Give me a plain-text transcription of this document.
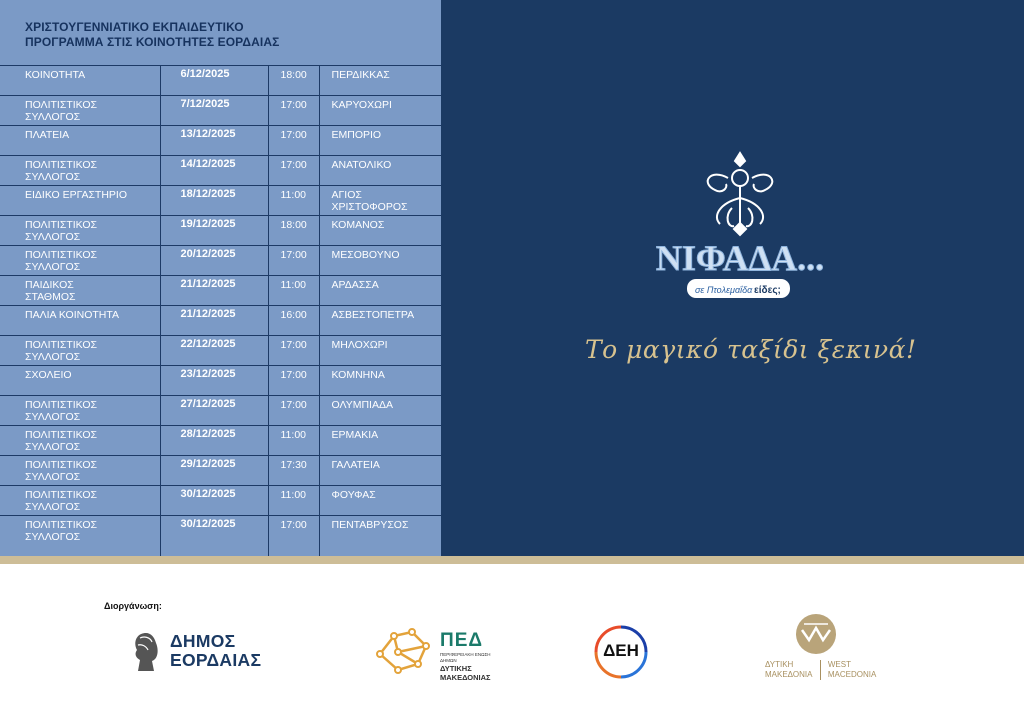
ΧΡΙΣΤΟΥΓΕΝΝΙΑΤΙΚΟ ΕΚΠΑΙΔΕΥΤΙΚΟ
ΠΡΟΓΡΑΜΜΑ ΣΤΙΣ ΚΟΙΝΟΤΗΤΕΣ ΕΟΡΔΑΙΑΣ
ΚΟΙΝΟΤΗΤΑ	6/12/2025	18:00	ΠΕΡΔΙΚΚΑΣ

ΠΟΛΙΤΙΣΤΙΚΟΣ
ΣΥΛΛΟΓΟΣ	7/12/2025	17:00	ΚΑΡΥΟΧΩΡΙ

ΠΛΑΤΕΙΑ	13/12/2025	17:00	ΕΜΠΟΡΙΟ

ΠΟΛΙΤΙΣΤΙΚΟΣ
ΣΥΛΛΟΓΟΣ	14/12/2025	17:00	ΑΝΑΤΟΛΙΚΟ

ΕΙΔΙΚΟ ΕΡΓΑΣΤΗΡΙΟ	18/12/2025	11:00	ΑΓΙΟΣ
ΧΡΙΣΤΟΦΟΡΟΣ

ΠΟΛΙΤΙΣΤΙΚΟΣ
ΣΥΛΛΟΓΟΣ	19/12/2025	18:00	ΚΟΜΑΝΟΣ

ΠΟΛΙΤΙΣΤΙΚΟΣ
ΣΥΛΛΟΓΟΣ	20/12/2025	17:00	ΜΕΣΟΒΟΥΝΟ

ΠΑΙΔΙΚΟΣ
ΣΤΑΘΜΟΣ	21/12/2025	11:00	ΑΡΔΑΣΣΑ

ΠΑΛΙΑ ΚΟΙΝΟΤΗΤΑ	21/12/2025	16:00	ΑΣΒΕΣΤΟΠΕΤΡΑ

ΠΟΛΙΤΙΣΤΙΚΟΣ
ΣΥΛΛΟΓΟΣ	22/12/2025	17:00	ΜΗΛΟΧΩΡΙ

ΣΧΟΛΕΙΟ	23/12/2025	17:00	ΚΟΜΝΗΝΑ

ΠΟΛΙΤΙΣΤΙΚΟΣ
ΣΥΛΛΟΓΟΣ	27/12/2025	17:00	ΟΛΥΜΠΙΑΔΑ

ΠΟΛΙΤΙΣΤΙΚΟΣ
ΣΥΛΛΟΓΟΣ	28/12/2025	11:00	ΕΡΜΑΚΙΑ

ΠΟΛΙΤΙΣΤΙΚΟΣ
ΣΥΛΛΟΓΟΣ	29/12/2025	17:30	ΓΑΛΑΤΕΙΑ

ΠΟΛΙΤΙΣΤΙΚΟΣ
ΣΥΛΛΟΓΟΣ	30/12/2025	11:00	ΦΟΥΦΑΣ

ΠΟΛΙΤΙΣΤΙΚΟΣ
ΣΥΛΛΟΓΟΣ	30/12/2025	17:00	ΠΕΝΤΑΒΡΥΣΟΣ
ΝΙΦΑΔΑ...
σε Πτολεμαΐδα είδες;
Το μαγικό ταξίδι ξεκινά!
Διοργάνωση:
ΔΗΜΟΣ
ΕΟΡΔΑΙΑΣ
ΠΕΔ
ΠΕΡΙΦΕΡΕΙΑΚΗ ΕΝΩΣΗ ΔΗΜΩΝ
ΔΥΤΙΚΗΣ
ΜΑΚΕΔΟΝΙΑΣ
ΔΕΗ
ΔΥΤΙΚΗ
ΜΑΚΕΔΟΝΙΑ

WEST
MACEDONIA
